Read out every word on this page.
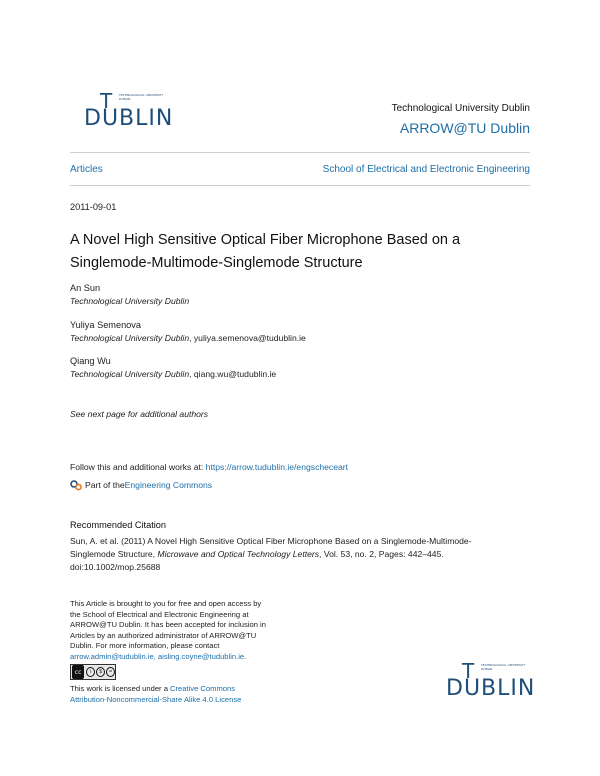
T TECHNOLOGICAL UNIVERSITY DUBLIN
DUBLIN	Technological University Dublin
ARROW@TU Dublin
Articles	School of Electrical and Electronic Engineering
2011-09-01
A Novel High Sensitive Optical Fiber Microphone Based on a
Singlemode-Multimode-Singlemode Structure
An Sun
Technological University Dublin
Yuliya Semenova
Technological University Dublin, yuliya.semenova@tudublin.ie
Qiang Wu
Technological University Dublin, qiang.wu@tudublin.ie
See next page for additional authors
Follow this and additional works at: https://arrow.tudublin.ie/engscheceart
Part of the Engineering Commons
Recommended Citation
Sun, A. et al. (2011) A Novel High Sensitive Optical Fiber Microphone Based on a Singlemode-Multimode-
Singlemode Structure, Microwave and Optical Technology Letters, Vol. 53, no. 2, Pages: 442–445.
doi:10.1002/mop.25688
This Article is brought to you for free and open access by
the School of Electrical and Electronic Engineering at
ARROW@TU Dublin. It has been accepted for inclusion in
Articles by an authorized administrator of ARROW@TU
Dublin. For more information, please contact
arrow.admin@tudublin.ie, aisling.coyne@tudublin.ie.
cc	i	$	=
This work is licensed under a Creative Commons
Attribution-Noncommercial-Share Alike 4.0 License
T TECHNOLOGICAL UNIVERSITY DUBLIN
DUBLIN
